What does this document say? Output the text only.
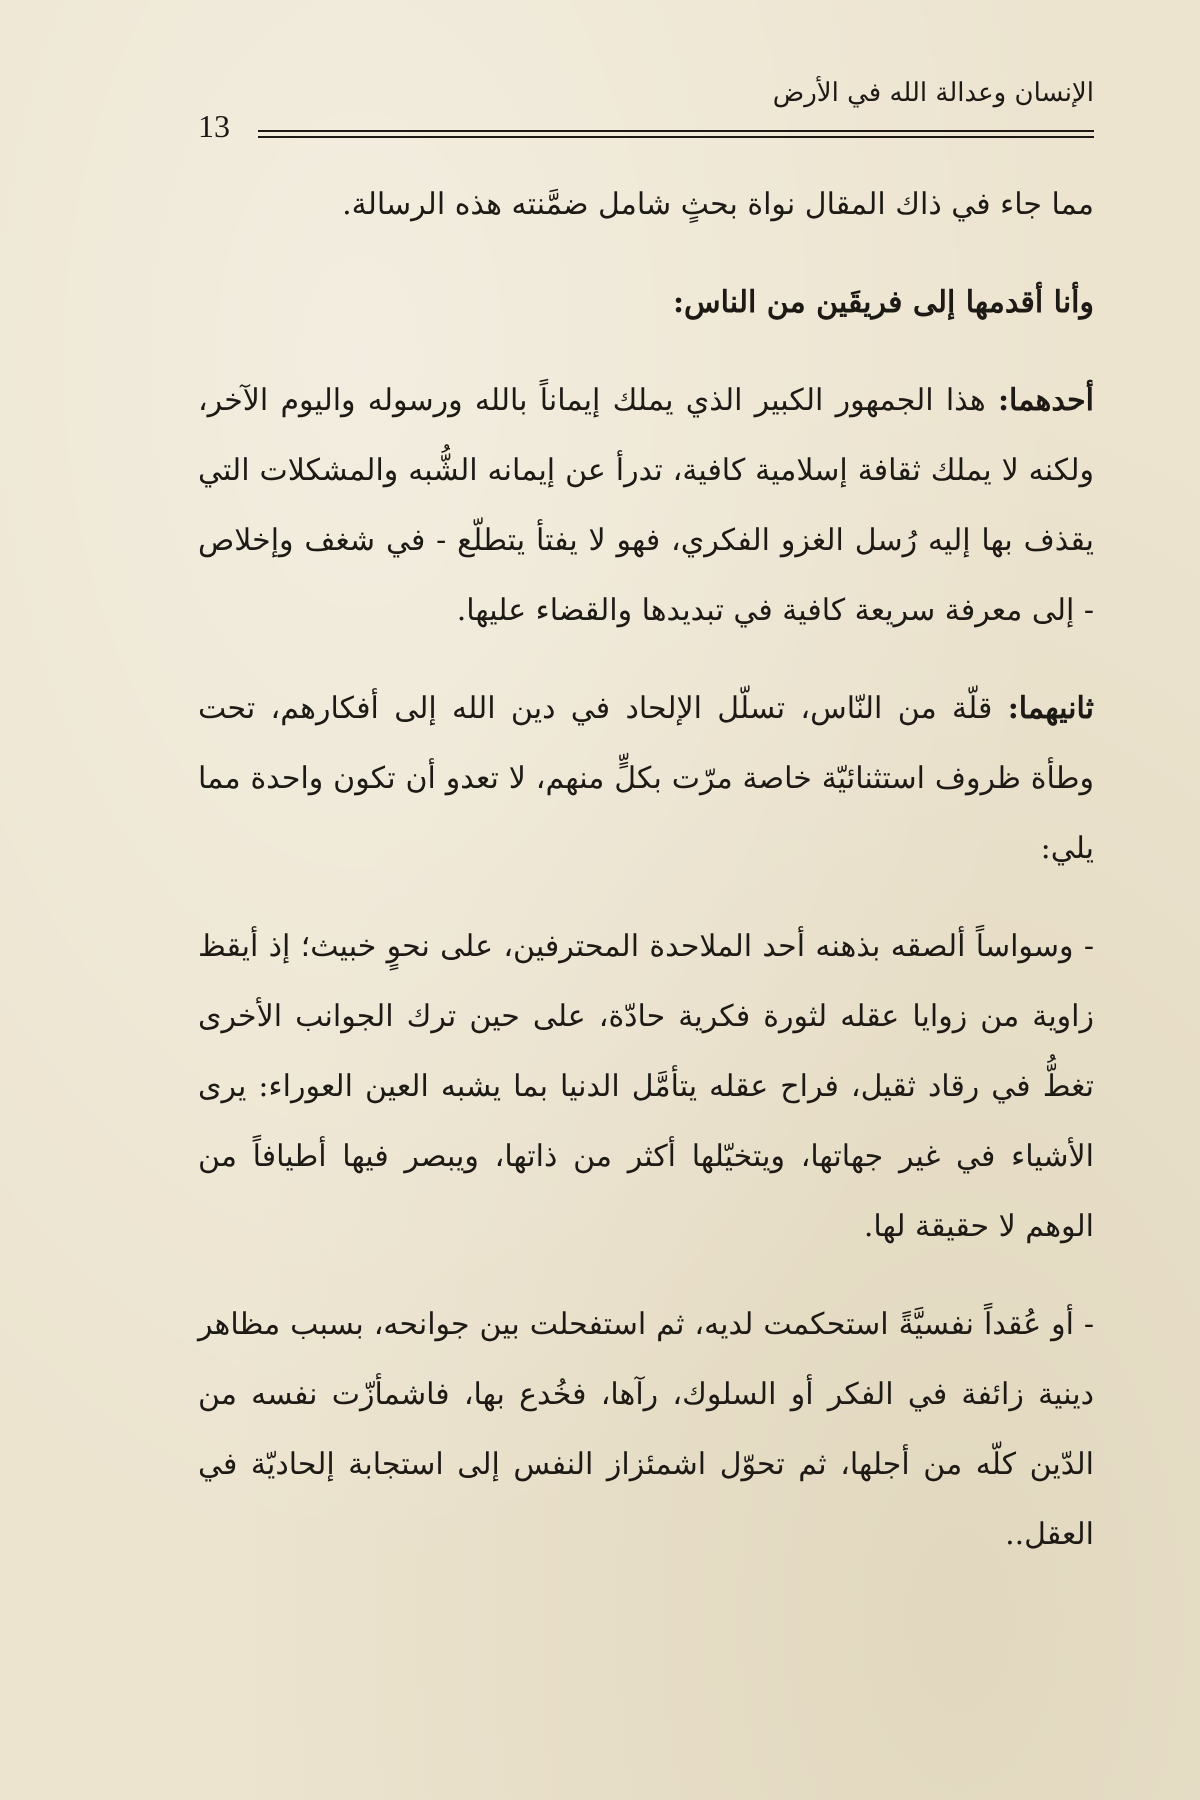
الإنسان وعدالة الله في الأرض
13

مما جاء في ذاك المقال نواة بحثٍ شامل ضمَّنته هذه الرسالة.

وأنا أقدمها إلى فريقَين من الناس:

أحدهما: هذا الجمهور الكبير الذي يملك إيماناً بالله ورسوله واليوم الآخر، ولكنه لا يملك ثقافة إسلامية كافية، تدرأ عن إيمانه الشُّبه والمشكلات التي يقذف بها إليه رُسل الغزو الفكري، فهو لا يفتأ يتطلّع - في شغف وإخلاص - إلى معرفة سريعة كافية في تبديدها والقضاء عليها.

ثانيهما: قلّة من النّاس، تسلّل الإلحاد في دين الله إلى أفكارهم، تحت وطأة ظروف استثنائيّة خاصة مرّت بكلٍّ منهم، لا تعدو أن تكون واحدة مما يلي:

- وسواساً ألصقه بذهنه أحد الملاحدة المحترفين، على نحوٍ خبيث؛ إذ أيقظ زاوية من زوايا عقله لثورة فكرية حادّة، على حين ترك الجوانب الأخرى تغطُّ في رقاد ثقيل، فراح عقله يتأمَّل الدنيا بما يشبه العين العوراء: يرى الأشياء في غير جهاتها، ويتخيّلها أكثر من ذاتها، ويبصر فيها أطيافاً من الوهم لا حقيقة لها.

- أو عُقداً نفسيَّةً استحكمت لديه، ثم استفحلت بين جوانحه، بسبب مظاهر دينية زائفة في الفكر أو السلوك، رآها، فخُدع بها، فاشمأزّت نفسه من الدّين كلّه من أجلها، ثم تحوّل اشمئزاز النفس إلى استجابة إلحاديّة في العقل..
